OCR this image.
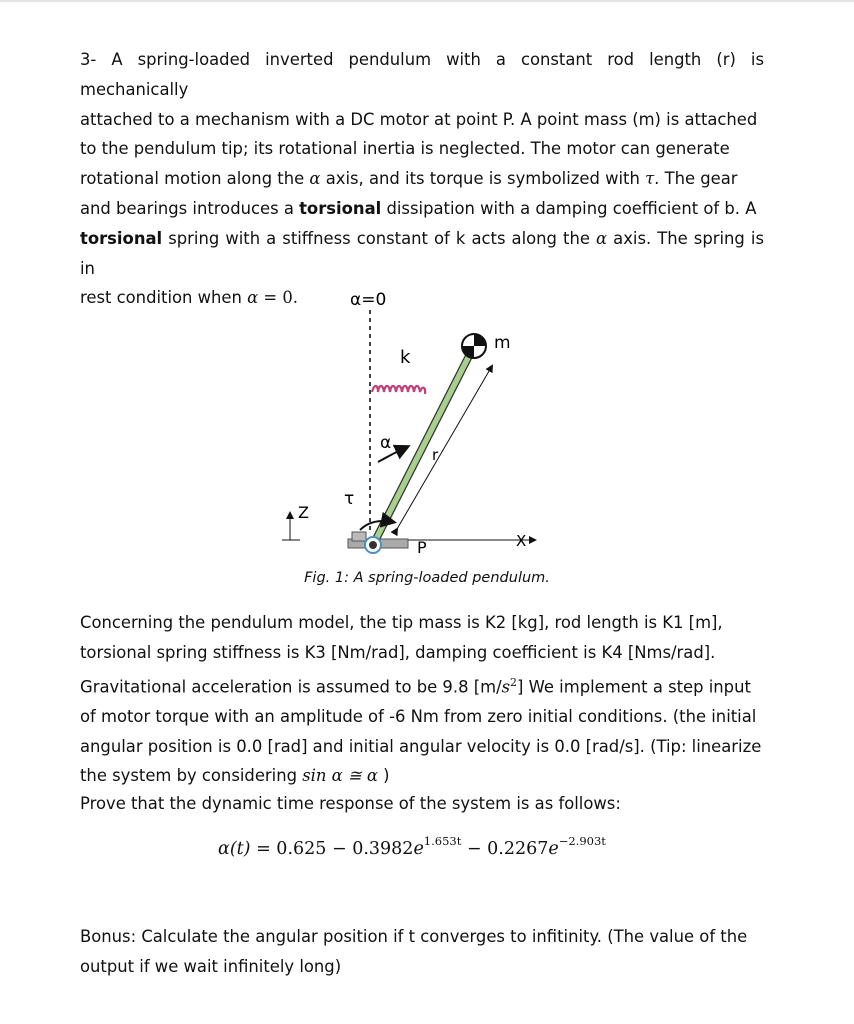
3- A spring-loaded inverted pendulum with a constant rod length (r) is mechanically
attached to a mechanism with a DC motor at point P. A point mass (m) is attached
to the pendulum tip; its rotational inertia is neglected. The motor can generate
rotational motion along the α axis, and its torque is symbolized with τ. The gear
and bearings introduces a torsional dissipation with a damping coefficient of b. A
torsional spring with a stiffness constant of k acts along the α axis. The spring is in
rest condition when α = 0.	α=0
k
m
α
r
τ
Z
P	X
Fig. 1: A spring-loaded pendulum.

Concerning the pendulum model, the tip mass is K2 [kg], rod length is K1 [m],
torsional spring stiffness is K3 [Nm/rad], damping coefficient is K4 [Nms/rad].
Gravitational acceleration is assumed to be 9.8 $[m/s^2]$ We implement a step input
of motor torque with an amplitude of -6 Nm from zero initial conditions. (the initial
angular position is 0.0 [rad] and initial angular velocity is 0.0 [rad/s]. (Tip: linearize
the system by considering sin α ≅ α )

Prove that the dynamic time response of the system is as follows:
$\alpha(t) = 0.625 - 0.3982e^{1.653t} - 0.2267e^{-2.903t}$

Bonus: Calculate the angular position if t converges to infitinity. (The value of the
output if we wait infinitely long)
